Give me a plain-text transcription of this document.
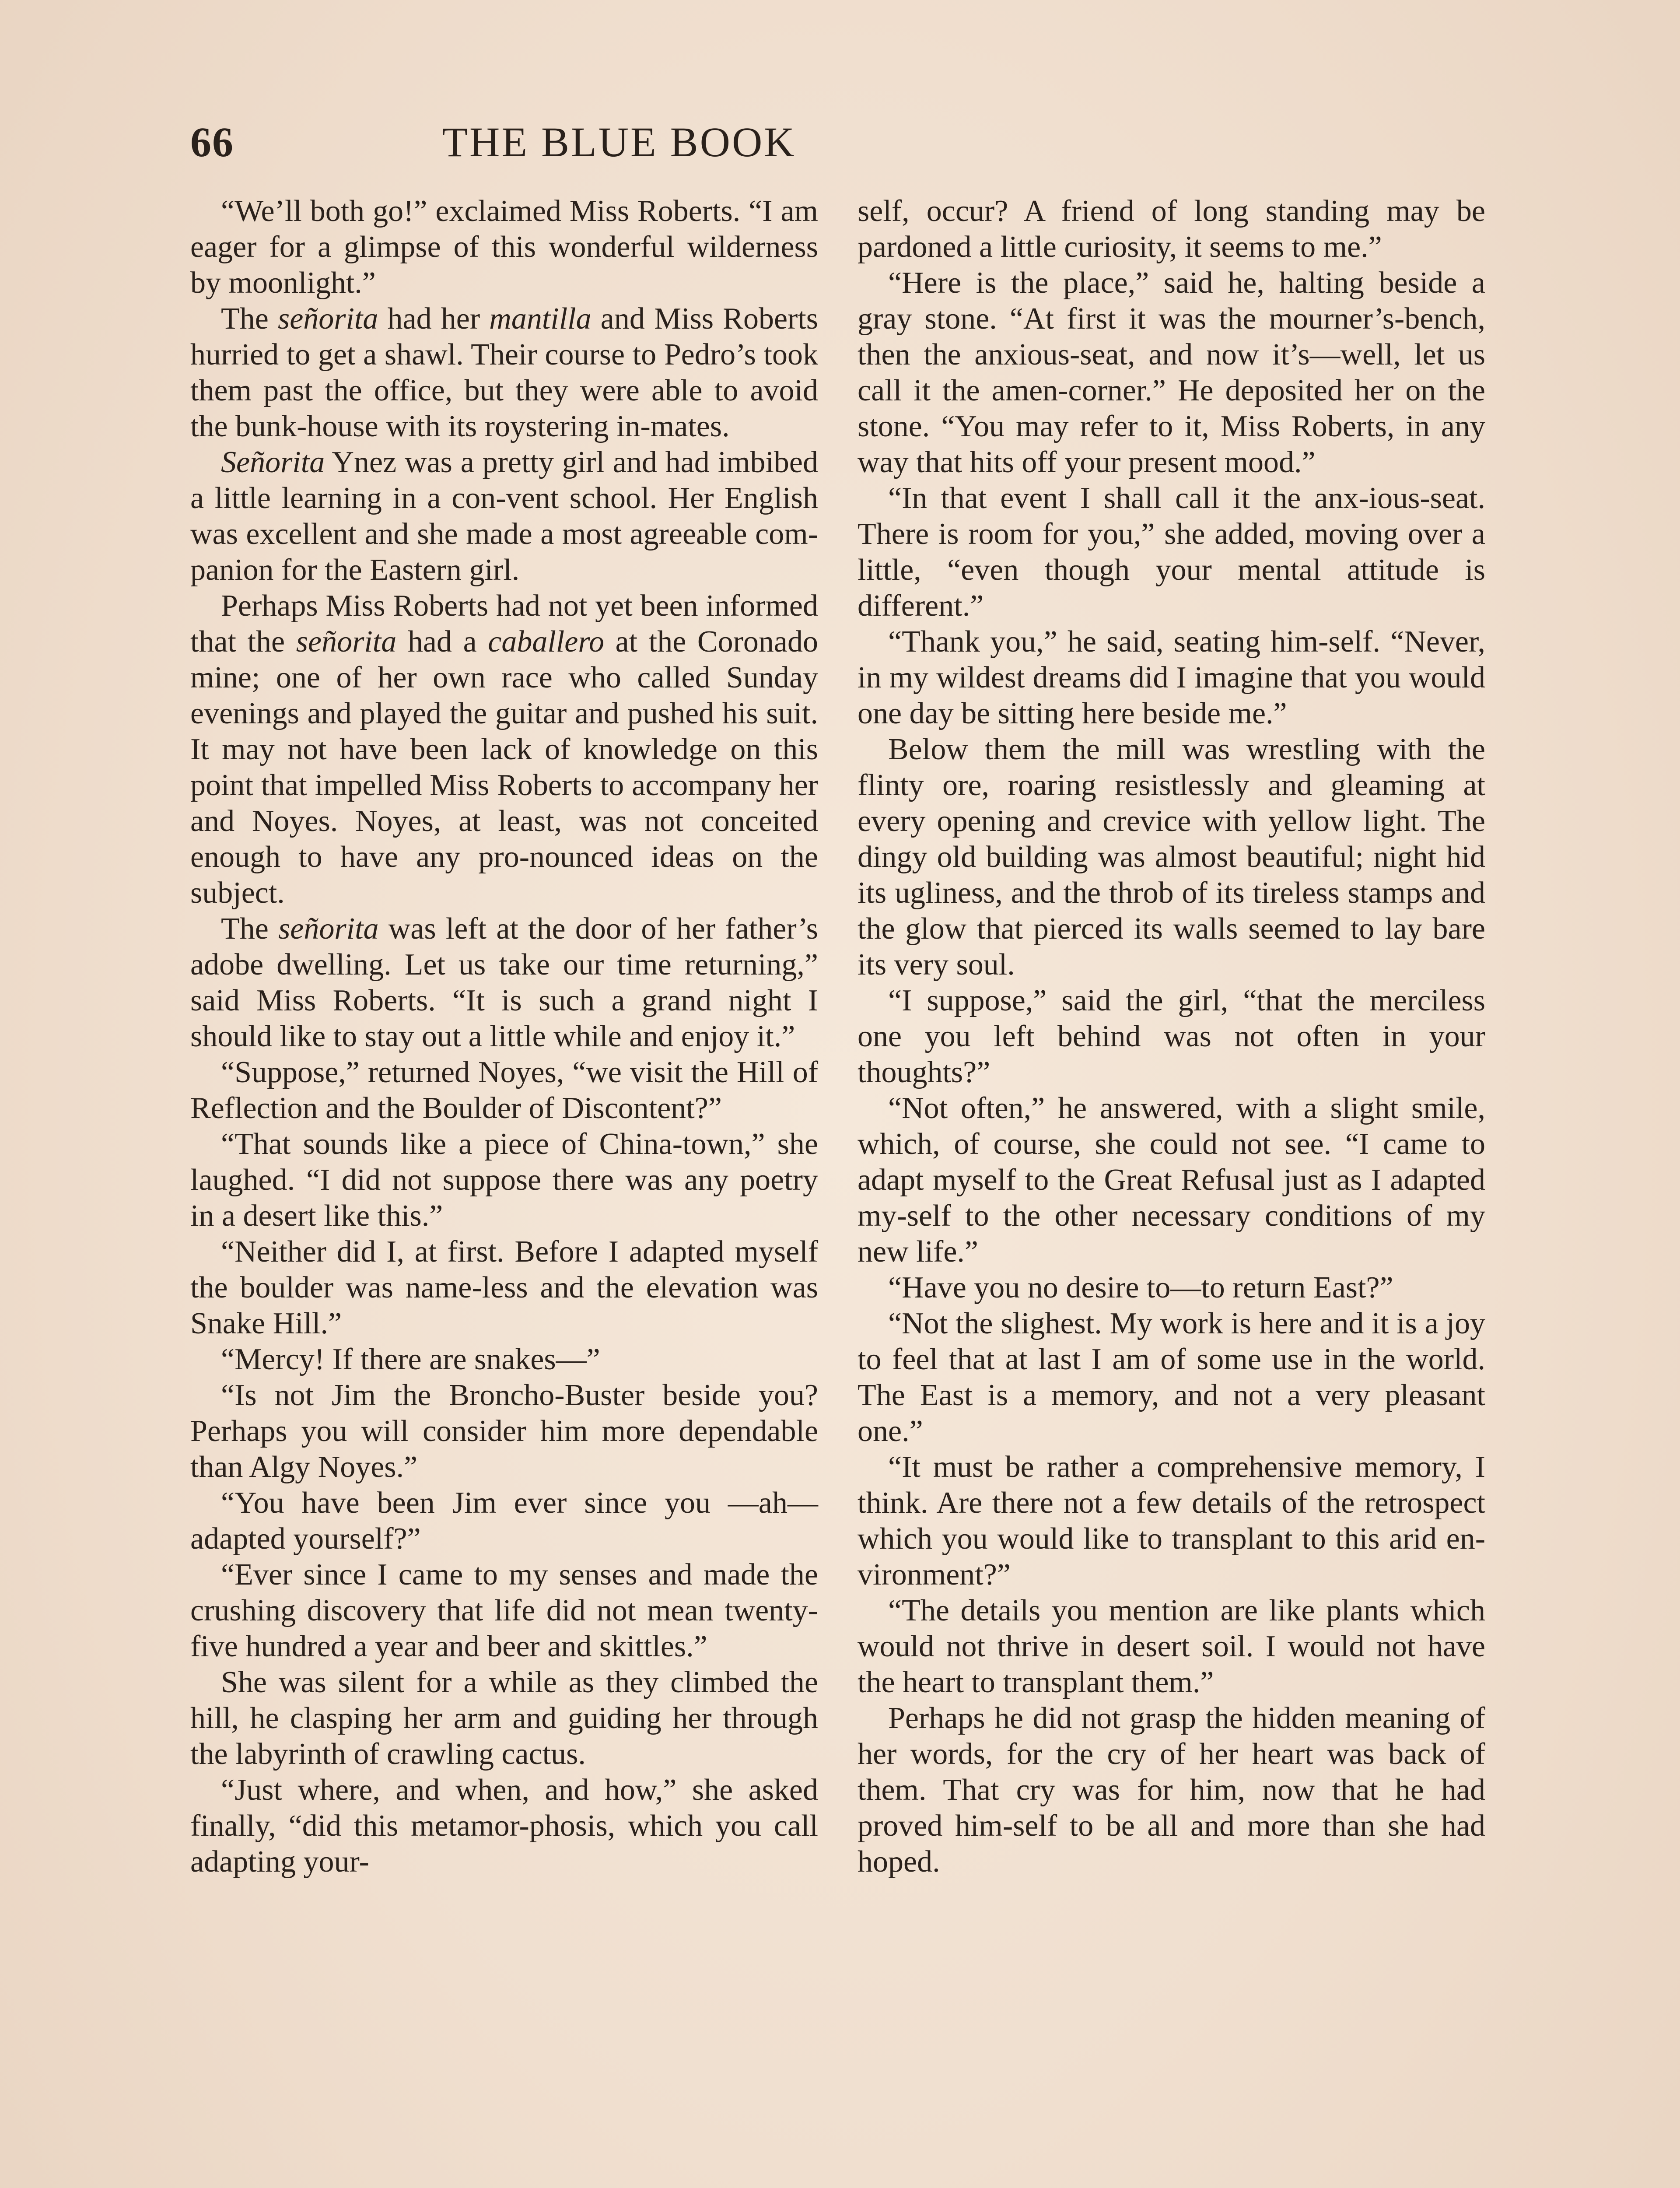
66	THE BLUE BOOK

“We’ll both go!” exclaimed Miss Roberts. “I am eager for a glimpse of this wonderful wilderness by moonlight.”

The señorita had her mantilla and Miss Roberts hurried to get a shawl. Their course to Pedro’s took them past the office, but they were able to avoid the bunk-house with its roystering in-mates.

Señorita Ynez was a pretty girl and had imbibed a little learning in a con-vent school. Her English was excellent and she made a most agreeable com-panion for the Eastern girl.

Perhaps Miss Roberts had not yet been informed that the señorita had a caballero at the Coronado mine; one of her own race who called Sunday evenings and played the guitar and pushed his suit. It may not have been lack of knowledge on this point that impelled Miss Roberts to accompany her and Noyes. Noyes, at least, was not conceited enough to have any pro-nounced ideas on the subject.

The señorita was left at the door of her father’s adobe dwelling. Let us take our time returning,” said Miss Roberts. “It is such a grand night I should like to stay out a little while and enjoy it.”

“Suppose,” returned Noyes, “we visit the Hill of Reflection and the Boulder of Discontent?”

“That sounds like a piece of China-town,” she laughed. “I did not suppose there was any poetry in a desert like this.”

“Neither did I, at first. Before I adapted myself the boulder was name-less and the elevation was Snake Hill.”

“Mercy! If there are snakes—”

“Is not Jim the Broncho-Buster beside you? Perhaps you will consider him more dependable than Algy Noyes.”

“You have been Jim ever since you —ah—adapted yourself?”

“Ever since I came to my senses and made the crushing discovery that life did not mean twenty-five hundred a year and beer and skittles.”

She was silent for a while as they climbed the hill, he clasping her arm and guiding her through the labyrinth of crawling cactus.

“Just where, and when, and how,” she asked finally, “did this metamor-phosis, which you call adapting your-

self, occur? A friend of long standing may be pardoned a little curiosity, it seems to me.”

“Here is the place,” said he, halting beside a gray stone. “At first it was the mourner’s-bench, then the anxious-seat, and now it’s—well, let us call it the amen-corner.” He deposited her on the stone. “You may refer to it, Miss Roberts, in any way that hits off your present mood.”

“In that event I shall call it the anx-ious-seat. There is room for you,” she added, moving over a little, “even though your mental attitude is different.”

“Thank you,” he said, seating him-self. “Never, in my wildest dreams did I imagine that you would one day be sitting here beside me.”

Below them the mill was wrestling with the flinty ore, roaring resistlessly and gleaming at every opening and crevice with yellow light. The dingy old building was almost beautiful; night hid its ugliness, and the throb of its tireless stamps and the glow that pierced its walls seemed to lay bare its very soul.

“I suppose,” said the girl, “that the merciless one you left behind was not often in your thoughts?”

“Not often,” he answered, with a slight smile, which, of course, she could not see. “I came to adapt myself to the Great Refusal just as I adapted my-self to the other necessary conditions of my new life.”

“Have you no desire to—to return East?”

“Not the slighest. My work is here and it is a joy to feel that at last I am of some use in the world. The East is a memory, and not a very pleasant one.”

“It must be rather a comprehensive memory, I think. Are there not a few details of the retrospect which you would like to transplant to this arid en-vironment?”

“The details you mention are like plants which would not thrive in desert soil. I would not have the heart to transplant them.”

Perhaps he did not grasp the hidden meaning of her words, for the cry of her heart was back of them. That cry was for him, now that he had proved him-self to be all and more than she had hoped.
